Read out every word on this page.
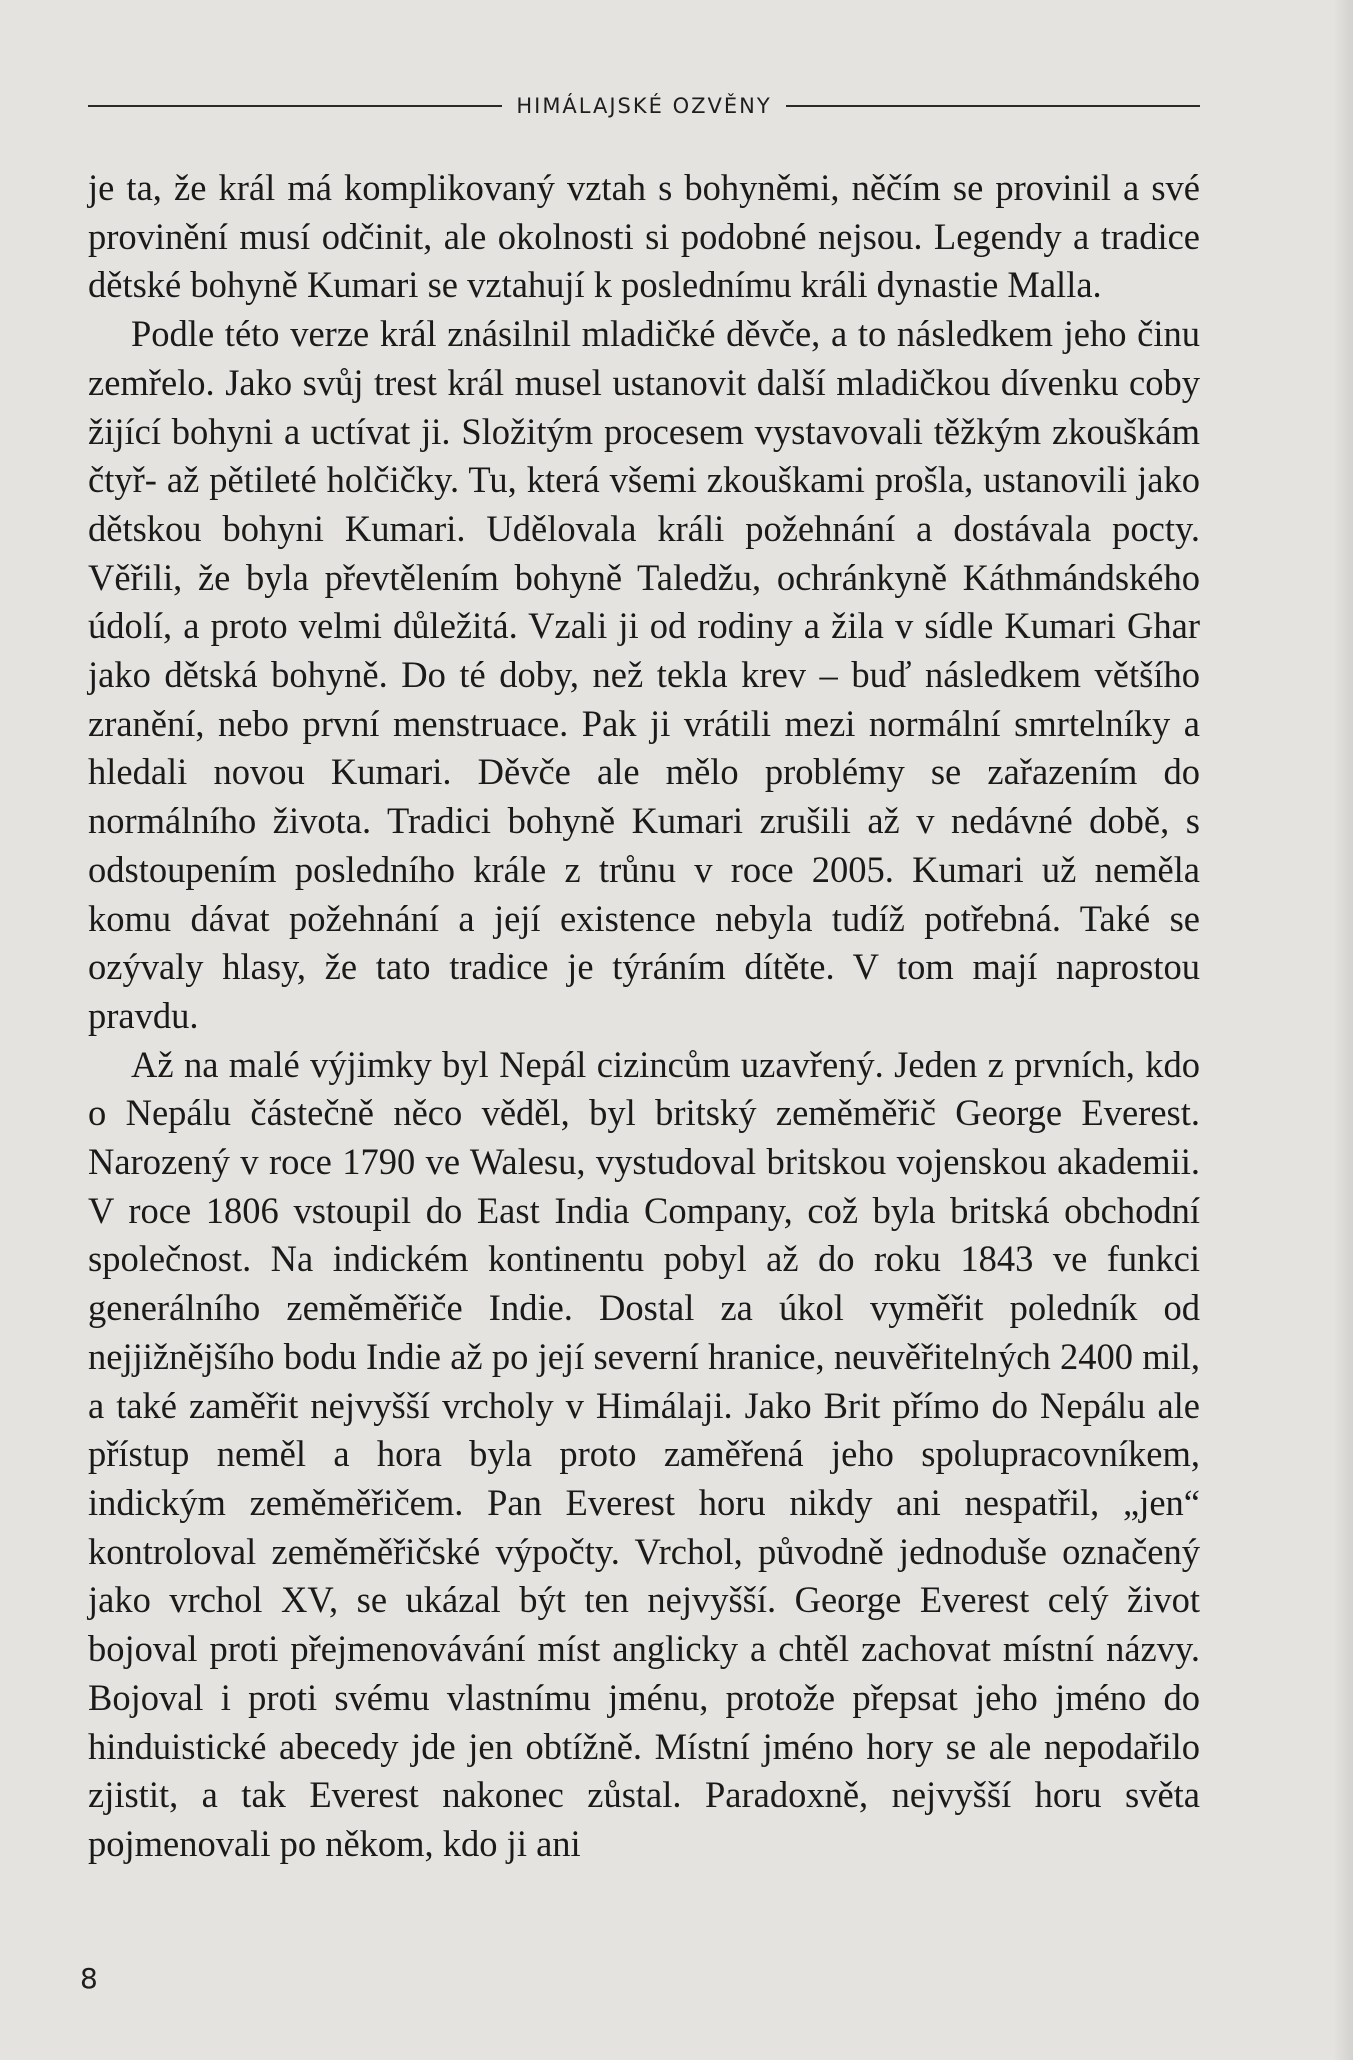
HIMÁLAJSKÉ OZVĚNY

je ta, že král má komplikovaný vztah s bohyněmi, něčím se provinil a své provinění musí odčinit, ale okolnosti si podobné nejsou. Legendy a tradice dětské bohyně Kumari se vztahují k poslednímu králi dynastie Malla.

Podle této verze král znásilnil mladičké děvče, a to následkem jeho činu zemřelo. Jako svůj trest král musel ustanovit další mladičkou dívenku coby žijící bohyni a uctívat ji. Složitým procesem vystavovali těžkým zkouškám čtyř- až pětileté holčičky. Tu, která všemi zkouškami prošla, ustanovili jako dětskou bohyni Kumari. Udělovala králi požehnání a dostávala pocty. Věřili, že byla převtělením bohyně Taledžu, ochránkyně Káthmándského údolí, a proto velmi důležitá. Vzali ji od rodiny a žila v sídle Kumari Ghar jako dětská bohyně. Do té doby, než tekla krev – buď následkem většího zranění, nebo první menstruace. Pak ji vrátili mezi normální smrtelníky a hledali novou Kumari. Děvče ale mělo problémy se zařazením do normálního života. Tradici bohyně Kumari zrušili až v nedávné době, s odstoupením posledního krále z trůnu v roce 2005. Kumari už neměla komu dávat požehnání a její existence nebyla tudíž potřebná. Také se ozývaly hlasy, že tato tradice je týráním dítěte. V tom mají naprostou pravdu.

Až na malé výjimky byl Nepál cizincům uzavřený. Jeden z prvních, kdo o Nepálu částečně něco věděl, byl britský zeměměřič George Everest. Narozený v roce 1790 ve Walesu, vystudoval britskou vojenskou akademii. V roce 1806 vstoupil do East India Company, což byla britská obchodní společnost. Na indickém kontinentu pobyl až do roku 1843 ve funkci generálního zeměměřiče Indie. Dostal za úkol vyměřit poledník od nejjižnějšího bodu Indie až po její severní hranice, neuvěřitelných 2400 mil, a také zaměřit nejvyšší vrcholy v Himálaji. Jako Brit přímo do Nepálu ale přístup neměl a hora byla proto zaměřená jeho spolupracovníkem, indickým zeměměřičem. Pan Everest horu nikdy ani nespatřil, „jen“ kontroloval zeměměřičské výpočty. Vrchol, původně jednoduše označený jako vrchol XV, se ukázal být ten nejvyšší. George Everest celý život bojoval proti přejmenovávání míst anglicky a chtěl zachovat místní názvy. Bojoval i proti svému vlastnímu jménu, protože přepsat jeho jméno do hinduistické abecedy jde jen obtížně. Místní jméno hory se ale nepodařilo zjistit, a tak Everest nakonec zůstal. Paradoxně, nejvyšší horu světa pojmenovali po někom, kdo ji ani

8
